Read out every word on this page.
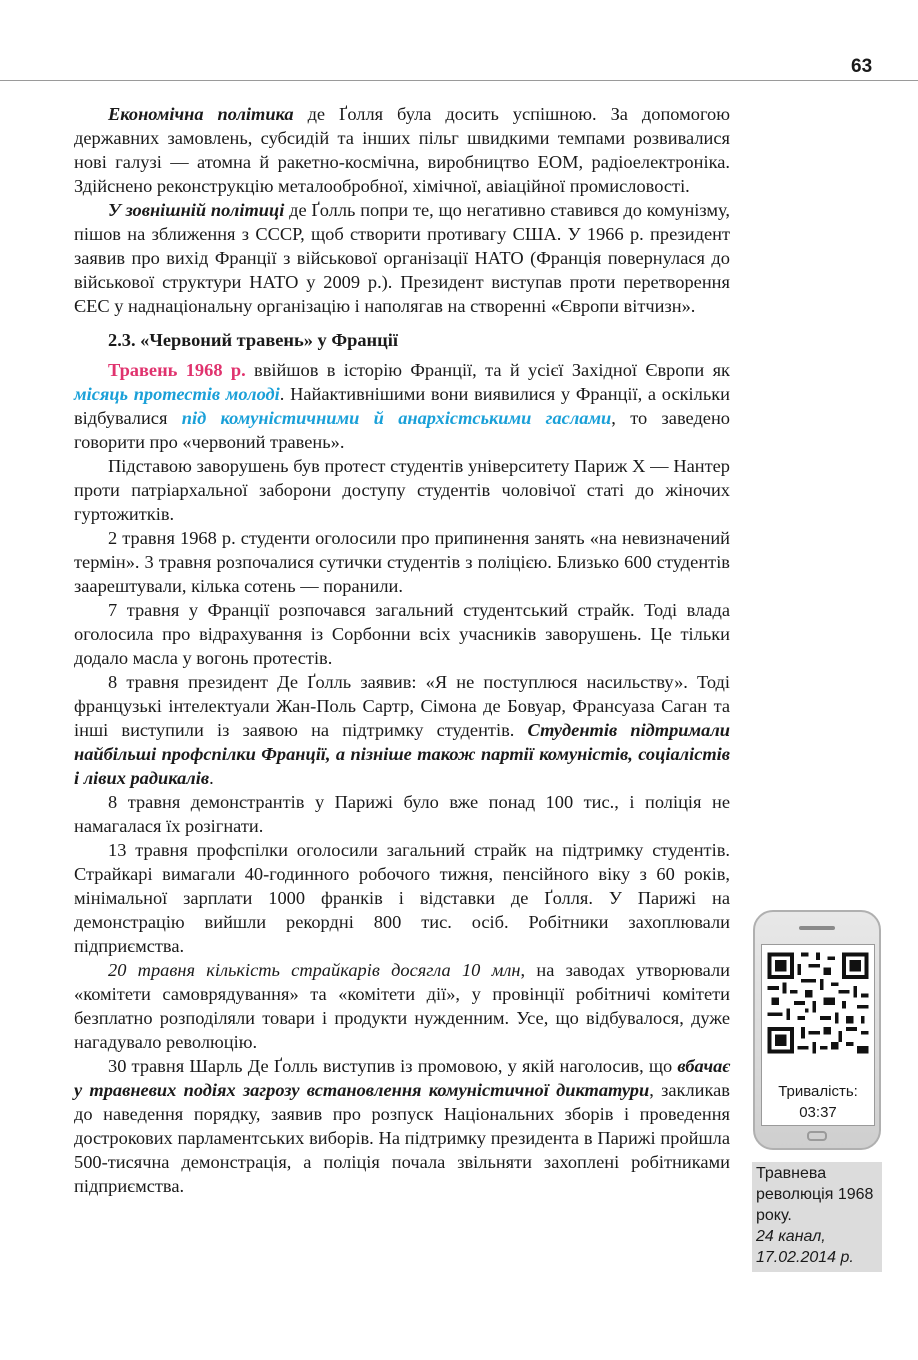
63

Економічна політика де Ґолля була досить успішною. За допомогою державних замовлень, субсидій та інших пільг швидкими темпами розвивалися нові галузі — атомна й ракетно-космічна, виробництво ЕОМ, радіоелектроніка. Здійснено реконструкцію металообробної, хімічної, авіаційної промисловості.

У зовнішній політиці де Ґолль попри те, що негативно ставився до комунізму, пішов на зближення з СССР, щоб створити противагу США. У 1966 р. президент заявив про вихід Франції з військової організації НАТО (Франція повернулася до військової структури НАТО у 2009 р.). Президент виступав проти перетворення ЄЕС у наднаціональну організацію і наполягав на створенні «Європи вітчизн».

2.3. «Червоний травень» у Франції

Травень 1968 р. ввійшов в історію Франції, та й усієї Західної Європи як місяць протестів молоді. Найактивнішими вони виявилися у Франції, а оскільки відбувалися під комуністичними й анархістськими гаслами, то заведено говорити про «червоний травень».

Підставою заворушень був протест студентів університету Париж X — Нантер проти патріархальної заборони доступу студентів чоловічої статі до жіночих гуртожитків.

2 травня 1968 р. студенти оголосили про припинення занять «на невизначений термін». 3 травня розпочалися сутички студентів з поліцією. Близько 600 студентів заарештували, кілька сотень — поранили.

7 травня у Франції розпочався загальний студентський страйк. Тоді влада оголосила про відрахування із Сорбонни всіх учасників заворушень. Це тільки додало масла у вогонь протестів.

8 травня президент Де Ґолль заявив: «Я не поступлюся насильству». Тоді французькі інтелектуали Жан-Поль Сартр, Сімона де Бовуар, Франсуаза Саган та інші виступили із заявою на підтримку студентів. Студентів підтримали найбільші профспілки Франції, а пізніше також партії комуністів, соціалістів і лівих радикалів.

8 травня демонстрантів у Парижі було вже понад 100 тис., і поліція не намагалася їх розігнати.

13 травня профспілки оголосили загальний страйк на підтримку студентів. Страйкарі вимагали 40-годинного робочого тижня, пенсійного віку з 60 років, мінімальної зарплати 1000 франків і відставки де Ґолля. У Парижі на демонстрацію вийшли рекордні 800 тис. осіб. Робітники захоплювали підприємства.

20 травня кількість страйкарів досягла 10 млн, на заводах утворювали «комітети самоврядування» та «комітети дії», у провінції робітничі комітети безплатно розподіляли товари і продукти нужденним. Усе, що відбувалося, дуже нагадувало революцію.

30 травня Шарль Де Ґолль виступив із промовою, у якій наголосив, що вбачає у травневих подіях загрозу встановлення комуністичної диктатури, закликав до наведення порядку, заявив про розпуск Національних зборів і проведення дострокових парламентських виборів. На підтримку президента в Парижі пройшла 500-тисячна демонстрація, а поліція почала звільняти захоплені робітниками підприємства.

Тривалість:
03:37
Травнева революція 1968 року.
24 канал, 17.02.2014 р.
